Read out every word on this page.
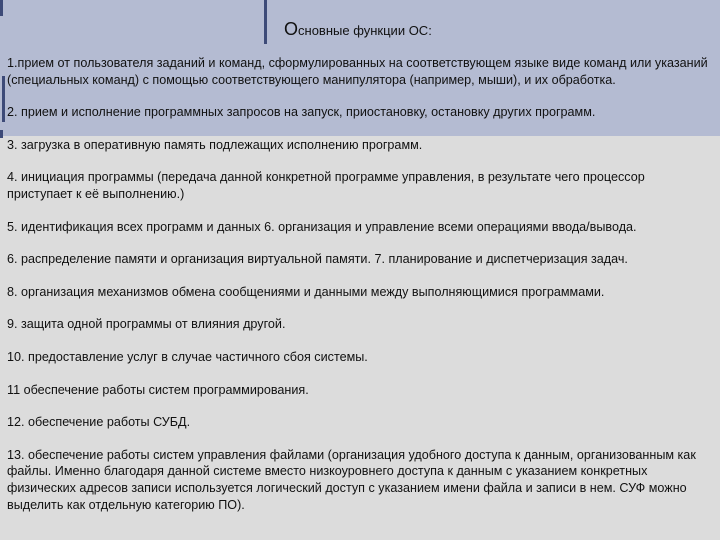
Основные функции ОС:

1.прием от пользователя заданий и команд, сформулированных на соответствующем языке виде команд или указаний (специальных команд) с помощью соответствующего манипулятора (например, мыши), и их обработка.

2. прием и исполнение программных запросов на запуск, приостановку, остановку других программ.

3. загрузка в оперативную память подлежащих исполнению программ.

4. инициация программы (передача данной конкретной программе управления, в результате чего процессор приступает к её выполнению.)

5. идентификация всех программ и данных 6. организация и управление всеми операциями ввода/вывода.

6. распределение памяти и организация виртуальной памяти. 7. планирование и диспетчеризация задач.

8. организация механизмов обмена сообщениями и данными между выполняющимися программами.

9. защита одной программы от влияния другой.

10. предоставление услуг в случае частичного сбоя системы.

11 обеспечение работы систем программирования.

12. обеспечение работы СУБД.

13. обеспечение работы систем управления файлами (организация удобного доступа к данным, организованным как файлы. Именно благодаря данной системе вместо низкоуровнего доступа к данным с указанием конкретных физических адресов записи используется логический доступ с указанием имени файла и записи в нем. СУФ можно выделить как отдельную категорию ПО).
